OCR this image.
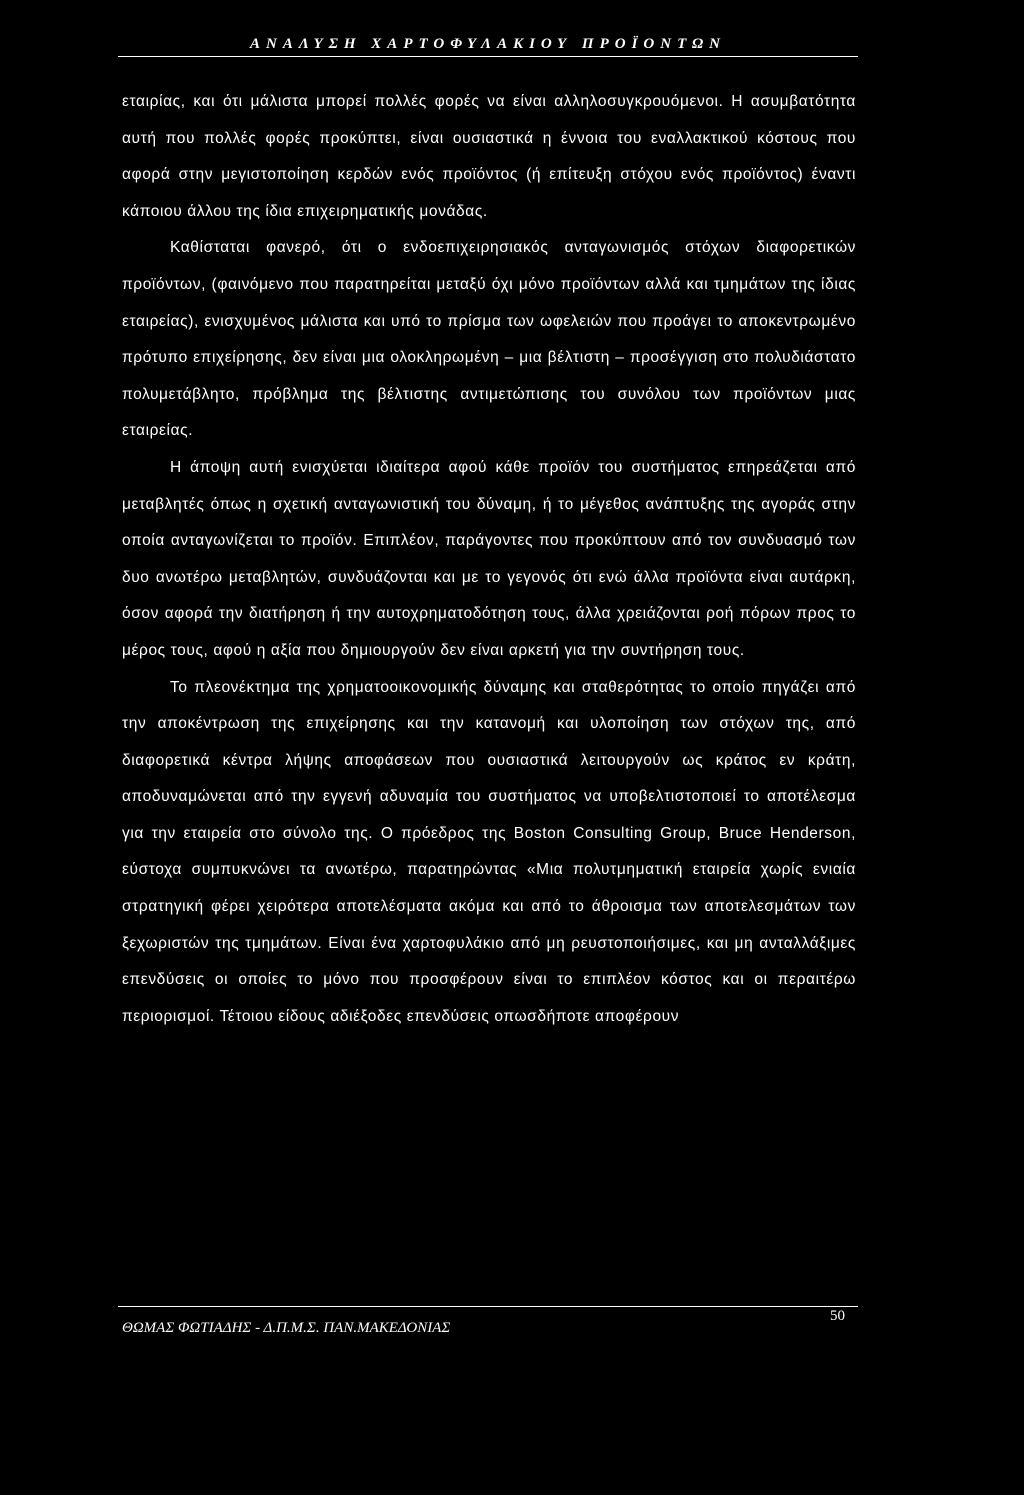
ΑΝΑΛΥΣΗ ΧΑΡΤΟΦΥΛΑΚΙΟΥ ΠΡΟΪΟΝΤΩΝ

εταιρίας, και ότι μάλιστα μπορεί πολλές φορές να είναι αλληλοσυγκρουόμενοι. Η ασυμβατότητα αυτή που πολλές φορές προκύπτει, είναι ουσιαστικά η έννοια του εναλλακτικού κόστους που αφορά στην μεγιστοποίηση κερδών ενός προϊόντος (ή επίτευξη στόχου ενός προϊόντος) έναντι κάποιου άλλου της ίδια επιχειρηματικής μονάδας.

Καθίσταται φανερό, ότι ο ενδοεπιχειρησιακός ανταγωνισμός στόχων διαφορετικών προϊόντων, (φαινόμενο που παρατηρείται μεταξύ όχι μόνο προϊόντων αλλά και τμημάτων της ίδιας εταιρείας), ενισχυμένος μάλιστα και υπό το πρίσμα των ωφελειών που προάγει το αποκεντρωμένο πρότυπο επιχείρησης, δεν είναι μια ολοκληρωμένη – μια βέλτιστη – προσέγγιση στο πολυδιάστατο πολυμετάβλητο, πρόβλημα της βέλτιστης αντιμετώπισης του συνόλου των προϊόντων μιας εταιρείας.

Η άποψη αυτή ενισχύεται ιδιαίτερα αφού κάθε προϊόν του συστήματος επηρεάζεται από μεταβλητές όπως η σχετική ανταγωνιστική του δύναμη, ή το μέγεθος ανάπτυξης της αγοράς στην οποία ανταγωνίζεται το προϊόν. Επιπλέον, παράγοντες που προκύπτουν από τον συνδυασμό των δυο ανωτέρω μεταβλητών, συνδυάζονται και με το γεγονός ότι ενώ άλλα προϊόντα είναι αυτάρκη, όσον αφορά την διατήρηση ή την αυτοχρηματοδότηση τους, άλλα χρειάζονται ροή πόρων προς το μέρος τους, αφού η αξία που δημιουργούν δεν είναι αρκετή για την συντήρηση τους.

Το πλεονέκτημα της χρηματοοικονομικής δύναμης και σταθερότητας το οποίο πηγάζει από την αποκέντρωση της επιχείρησης και την κατανομή και υλοποίηση των στόχων της, από διαφορετικά κέντρα λήψης αποφάσεων που ουσιαστικά λειτουργούν ως κράτος εν κράτη, αποδυναμώνεται από την εγγενή αδυναμία του συστήματος να υποβελτιστοποιεί το αποτέλεσμα για την εταιρεία στο σύνολο της. Ο πρόεδρος της Boston Consulting Group, Bruce Henderson, εύστοχα συμπυκνώνει τα ανωτέρω, παρατηρώντας «Μια πολυτμηματική εταιρεία χωρίς ενιαία στρατηγική φέρει χειρότερα αποτελέσματα ακόμα και από το άθροισμα των αποτελεσμάτων των ξεχωριστών της τμημάτων. Είναι ένα χαρτοφυλάκιο από μη ρευστοποιήσιμες, και μη ανταλλάξιμες επενδύσεις οι οποίες το μόνο που προσφέρουν είναι το επιπλέον κόστος και οι περαιτέρω περιορισμοί. Τέτοιου είδους αδιέξοδες επενδύσεις οπωσδήποτε αποφέρουν

ΘΩΜΑΣ ΦΩΤΙΑΔΗΣ - Δ.Π.Μ.Σ. ΠΑΝ.ΜΑΚΕΔΟΝΙΑΣ
50
